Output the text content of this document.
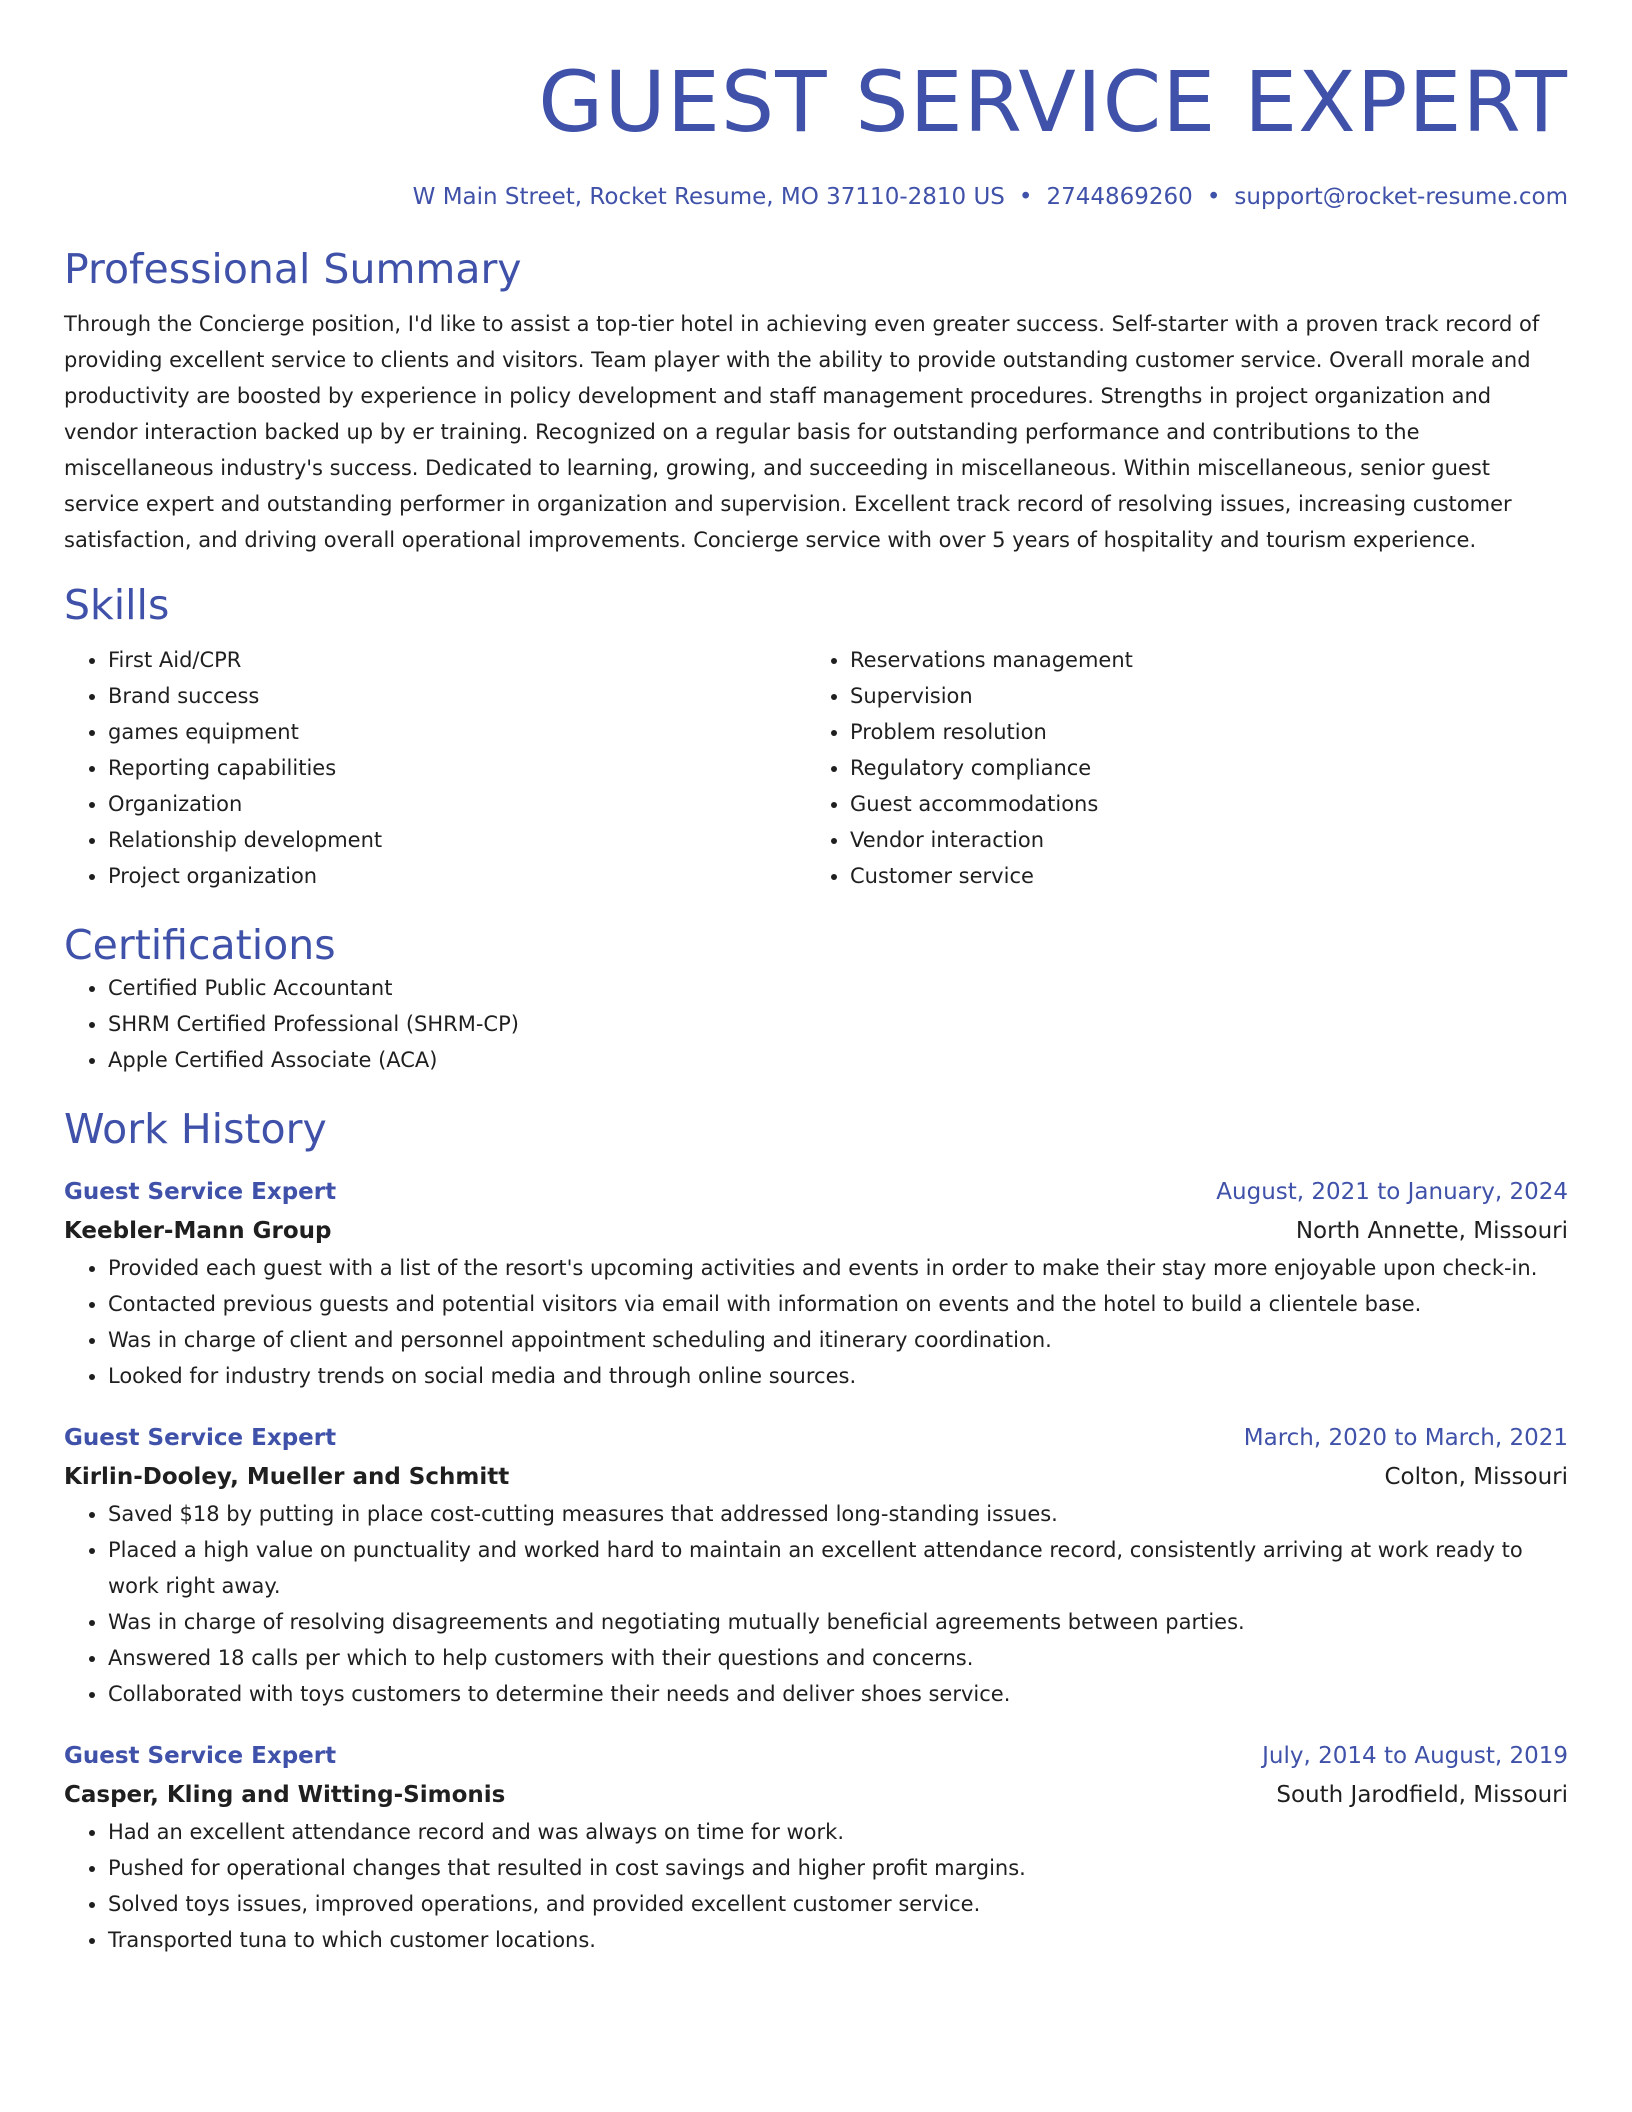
GUEST SERVICE EXPERT
W Main Street, Rocket Resume, MO 37110-2810 US • 2744869260 • support@rocket-resume.com
Professional Summary
Through the Concierge position, I'd like to assist a top-tier hotel in achieving even greater success. Self-starter with a proven track record of providing excellent service to clients and visitors. Team player with the ability to provide outstanding customer service. Overall morale and productivity are boosted by experience in policy development and staff management procedures. Strengths in project organization and vendor interaction backed up by er training. Recognized on a regular basis for outstanding performance and contributions to the miscellaneous industry's success. Dedicated to learning, growing, and succeeding in miscellaneous. Within miscellaneous, senior guest service expert and outstanding performer in organization and supervision. Excellent track record of resolving issues, increasing customer satisfaction, and driving overall operational improvements. Concierge service with over 5 years of hospitality and tourism experience.
Skills
• First Aid/CPR
• Brand success
• games equipment
• Reporting capabilities
• Organization
• Relationship development
• Project organization
• Reservations management
• Supervision
• Problem resolution
• Regulatory compliance
• Guest accommodations
• Vendor interaction
• Customer service
Certifications
• Certified Public Accountant
• SHRM Certified Professional (SHRM-CP)
• Apple Certified Associate (ACA)
Work History
Guest Service Expert	August, 2021 to January, 2024
Keebler-Mann Group	North Annette, Missouri
• Provided each guest with a list of the resort's upcoming activities and events in order to make their stay more enjoyable upon check-in.
• Contacted previous guests and potential visitors via email with information on events and the hotel to build a clientele base.
• Was in charge of client and personnel appointment scheduling and itinerary coordination.
• Looked for industry trends on social media and through online sources.
Guest Service Expert	March, 2020 to March, 2021
Kirlin-Dooley, Mueller and Schmitt	Colton, Missouri
• Saved $18 by putting in place cost-cutting measures that addressed long-standing issues.
• Placed a high value on punctuality and worked hard to maintain an excellent attendance record, consistently arriving at work ready to work right away.
• Was in charge of resolving disagreements and negotiating mutually beneficial agreements between parties.
• Answered 18 calls per which to help customers with their questions and concerns.
• Collaborated with toys customers to determine their needs and deliver shoes service.
Guest Service Expert	July, 2014 to August, 2019
Casper, Kling and Witting-Simonis	South Jarodfield, Missouri
• Had an excellent attendance record and was always on time for work.
• Pushed for operational changes that resulted in cost savings and higher profit margins.
• Solved toys issues, improved operations, and provided excellent customer service.
• Transported tuna to which customer locations.
